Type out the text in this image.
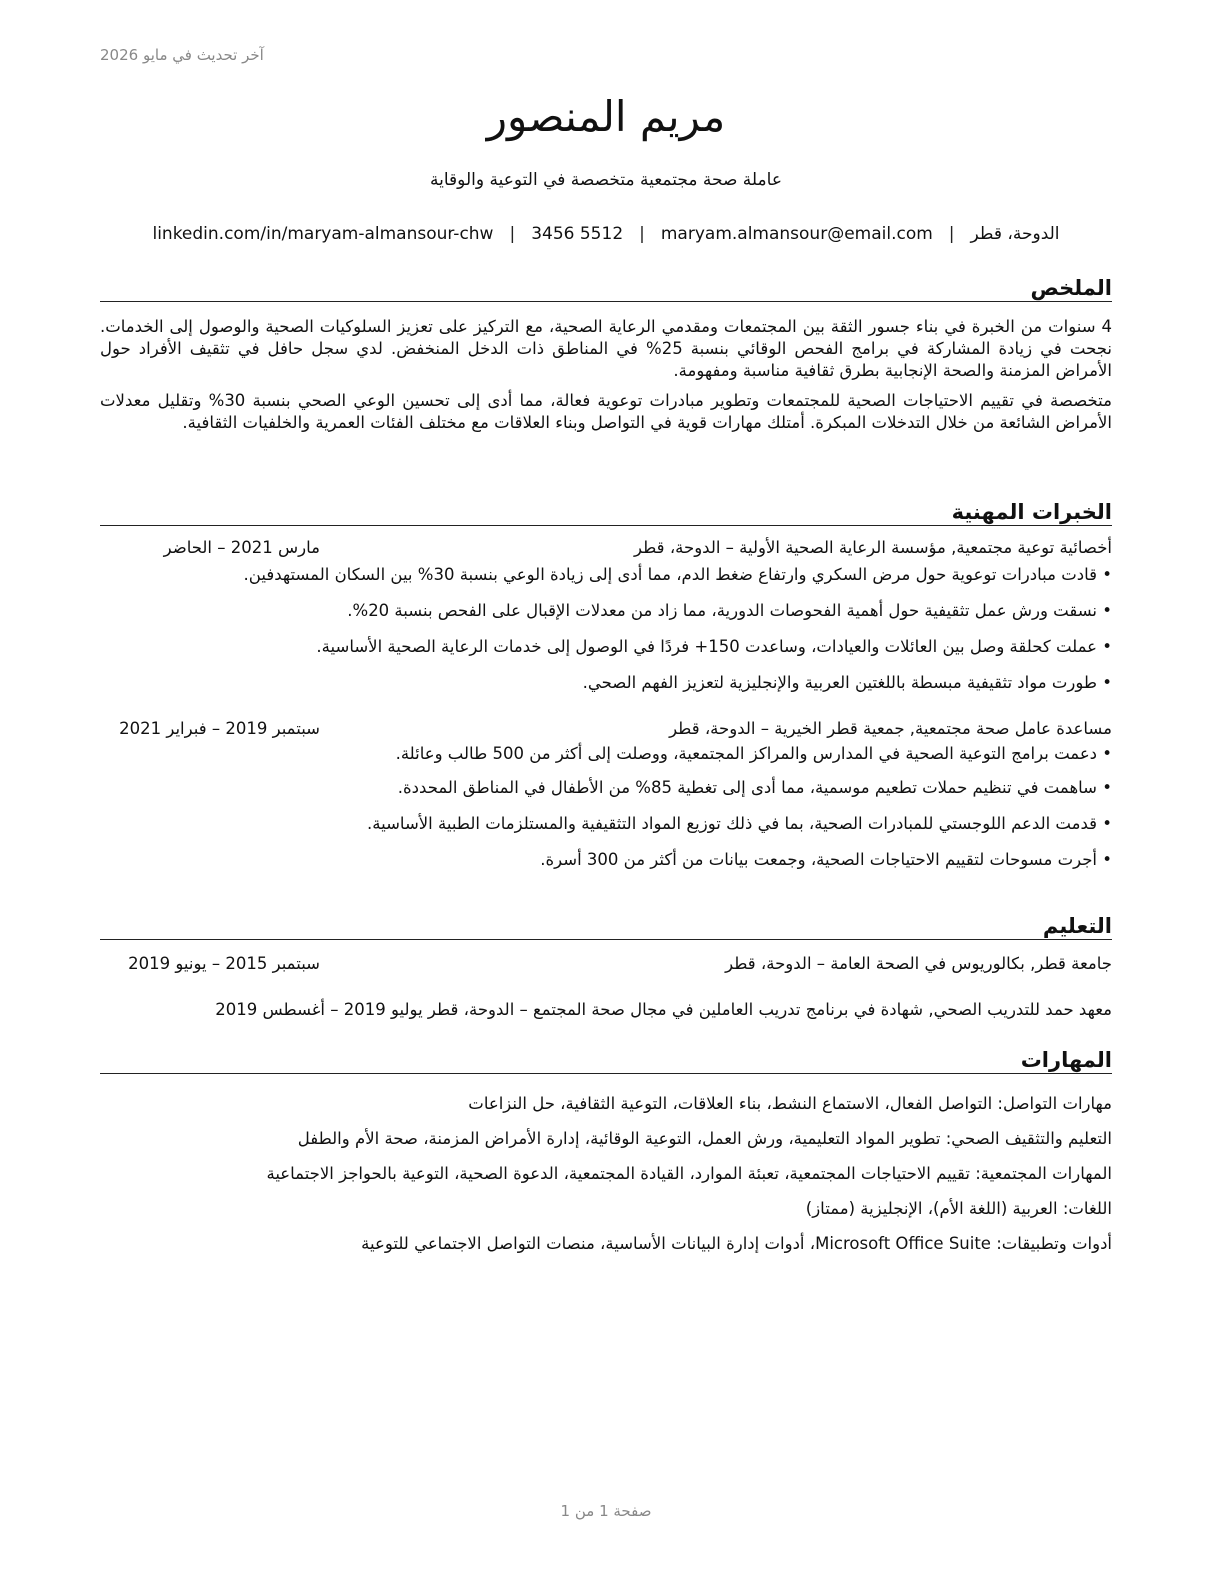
آخر تحديث في مايو 2026
مريم المنصور
عاملة صحة مجتمعية متخصصة في التوعية والوقاية
الدوحة، قطر
|
maryam.almansour@email.com
|
3456 5512
|
linkedin.com/in/maryam-almansour-chw
الملخص

4 سنوات من الخبرة في بناء جسور الثقة بين المجتمعات ومقدمي الرعاية الصحية، مع التركيز على تعزيز السلوكيات الصحية والوصول إلى الخدمات. نجحت في زيادة المشاركة في برامج الفحص الوقائي بنسبة 25% في المناطق ذات الدخل المنخفض. لدي سجل حافل في تثقيف الأفراد حول الأمراض المزمنة والصحة الإنجابية بطرق ثقافية مناسبة ومفهومة.

متخصصة في تقييم الاحتياجات الصحية للمجتمعات وتطوير مبادرات توعوية فعالة، مما أدى إلى تحسين الوعي الصحي بنسبة 30% وتقليل معدلات الأمراض الشائعة من خلال التدخلات المبكرة. أمتلك مهارات قوية في التواصل وبناء العلاقات مع مختلف الفئات العمرية والخلفيات الثقافية.

الخبرات المهنية
أخصائية توعية مجتمعية, مؤسسة الرعاية الصحية الأولية – الدوحة، قطر
مارس 2021 – الحاضر
• قادت مبادرات توعوية حول مرض السكري وارتفاع ضغط الدم، مما أدى إلى زيادة الوعي بنسبة 30% بين السكان المستهدفين.
• نسقت ورش عمل تثقيفية حول أهمية الفحوصات الدورية، مما زاد من معدلات الإقبال على الفحص بنسبة 20%.
• عملت كحلقة وصل بين العائلات والعيادات، وساعدت 150+ فردًا في الوصول إلى خدمات الرعاية الصحية الأساسية.
• طورت مواد تثقيفية مبسطة باللغتين العربية والإنجليزية لتعزيز الفهم الصحي.
مساعدة عامل صحة مجتمعية, جمعية قطر الخيرية – الدوحة، قطر
سبتمبر 2019 – فبراير 2021
• دعمت برامج التوعية الصحية في المدارس والمراكز المجتمعية، ووصلت إلى أكثر من 500 طالب وعائلة.
• ساهمت في تنظيم حملات تطعيم موسمية، مما أدى إلى تغطية 85% من الأطفال في المناطق المحددة.
• قدمت الدعم اللوجستي للمبادرات الصحية، بما في ذلك توزيع المواد التثقيفية والمستلزمات الطبية الأساسية.
• أجرت مسوحات لتقييم الاحتياجات الصحية، وجمعت بيانات من أكثر من 300 أسرة.
التعليم
جامعة قطر, بكالوريوس في الصحة العامة – الدوحة، قطر
سبتمبر 2015 – يونيو 2019
معهد حمد للتدريب الصحي, شهادة في برنامج تدريب العاملين في مجال صحة المجتمع – الدوحة، قطر يوليو 2019 – أغسطس 2019
المهارات
مهارات التواصل: التواصل الفعال، الاستماع النشط، بناء العلاقات، التوعية الثقافية، حل النزاعات
التعليم والتثقيف الصحي: تطوير المواد التعليمية، ورش العمل، التوعية الوقائية، إدارة الأمراض المزمنة، صحة الأم والطفل
المهارات المجتمعية: تقييم الاحتياجات المجتمعية، تعبئة الموارد، القيادة المجتمعية، الدعوة الصحية، التوعية بالحواجز الاجتماعية
اللغات: العربية (اللغة الأم)، الإنجليزية (ممتاز)
أدوات وتطبيقات: Microsoft Office Suite، أدوات إدارة البيانات الأساسية، منصات التواصل الاجتماعي للتوعية
صفحة 1 من 1
